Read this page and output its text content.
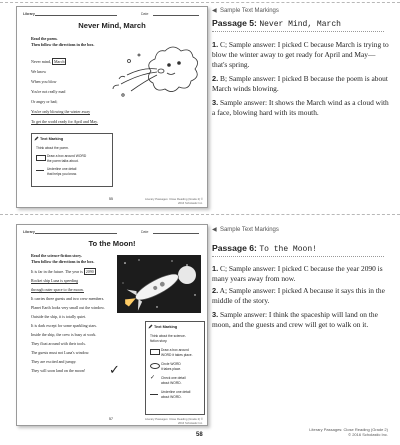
Library	Date
Never Mind, March
Read the poem.
Then follow the directions in the box.
Never mind, March
We know
When you blow
You're not really mad
Or angry or bad;
You're only blowing the winter away
To get the world ready for April and May.
Text Marking
Think about the poem.
Draw a box around WORD
the poem talks about.
Underline one detail
that helps you know.
55	Literary Passages: Close Reading (Grade 2) © 2016 Scholastic Inc.
◀  Sample Text Markings
Passage 5: Never Mind, March
1. C; Sample answer: I picked C because March is trying to blow the winter away to get ready for April and May—that's spring.
2. B; Sample answer: I picked B because the poem is about March winds blowing.
3. Sample answer: It shows the March wind as a cloud with a face, blowing hard with its mouth.
Library	Date
To the Moon!
Read the science-fiction story.
Then follow the directions in the box.
It is far in the future. The year is 2090
Rocket ship Luna is speeding
through outer space to the moon.
It carries three guests and two crew members.
Planet Earth looks very small out the window.
Outside the ship, it is totally quiet.
It is dark except for some sparkling stars.
Inside the ship, the crew is busy at work.
They float around with their tools.
The guests must not Luna's window.
They are excited and jumpy.
They will soon land on the moon! ✓
Text Marking
Think about the science-
fiction story.
Draw a box around
WORD it takes place.
Circle WORD
it takes place.
✓ Check one detail
about WORD.
Underline one detail
about WORD.
57	Literary Passages: Close Reading (Grade 2) © 2016 Scholastic Inc.
◀  Sample Text Markings
Passage 6: To the Moon!
1. C; Sample answer: I picked C because the year 2090 is many years away from now.
2. A; Sample answer: I picked A because it says this in the middle of the story.
3. Sample answer: I think the spaceship will land on the moon, and the guests and crew will get to walk on it.
Literary Passages: Close Reading (Grade 2)
© 2016 Scholastic Inc.
58
